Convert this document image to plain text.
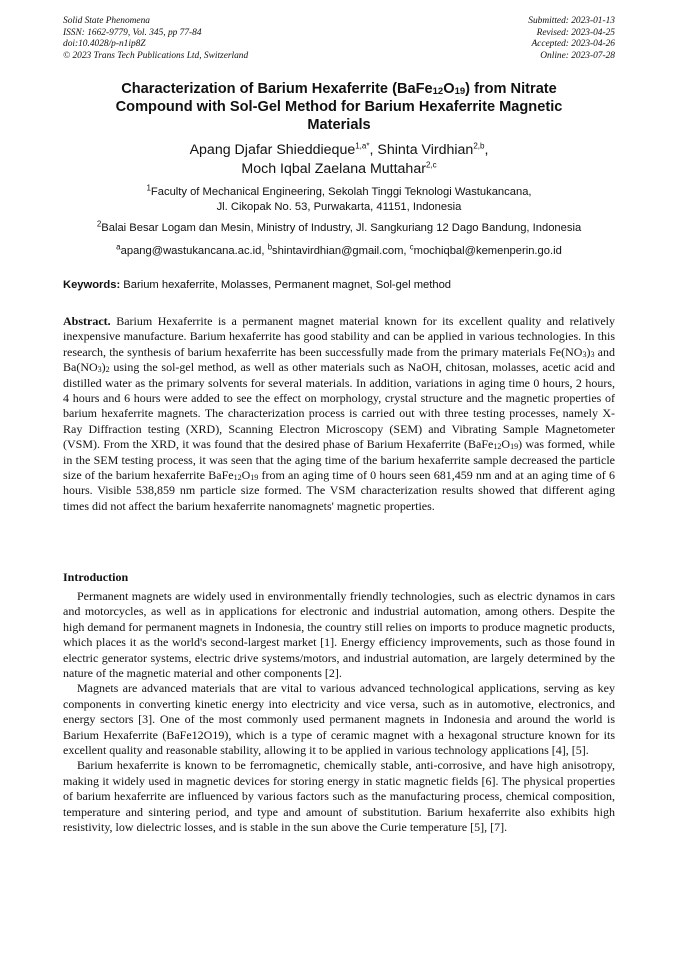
Solid State Phenomena
ISSN: 1662-9779, Vol. 345, pp 77-84
doi:10.4028/p-n1ip8Z
© 2023 Trans Tech Publications Ltd, Switzerland
Submitted: 2023-01-13
Revised: 2023-04-25
Accepted: 2023-04-26
Online: 2023-07-28
Characterization of Barium Hexaferrite $(BaFe_{12}O_{19})$ from Nitrate
Compound with Sol-Gel Method for Barium Hexaferrite Magnetic
Materials
Apang Djafar Shieddieque$^{1,a*}$, Shinta Virdhian$^{2,b}$,
Moch Iqbal Zaelana Muttahar$^{2,c}$
$^1$Faculty of Mechanical Engineering, Sekolah Tinggi Teknologi Wastukancana,
Jl. Cikopak No. 53, Purwakarta, 41151, Indonesia
$^2$Balai Besar Logam dan Mesin, Ministry of Industry, Jl. Sangkuriang 12 Dago Bandung, Indonesia
$^a$apang@wastukancana.ac.id, $^b$shintavirdhian@gmail.com, $^c$mochiqbal@kemenperin.go.id
Keywords: Barium hexaferrite, Molasses, Permanent magnet, Sol-gel method

Abstract. Barium Hexaferrite is a permanent magnet material known for its excellent quality and relatively inexpensive manufacture. Barium hexaferrite has good stability and can be applied in various technologies. In this research, the synthesis of barium hexaferrite has been successfully made from the primary materials $Fe(NO_3)_3$ and $Ba(NO_3)_2$ using the sol-gel method, as well as other materials such as NaOH, chitosan, molasses, acetic acid and distilled water as the primary solvents for several materials. In addition, variations in aging time 0 hours, 2 hours, 4 hours and 6 hours were added to see the effect on morphology, crystal structure and the magnetic properties of barium hexaferrite magnets. The characterization process is carried out with three testing processes, namely X-Ray Diffraction testing (XRD), Scanning Electron Microscopy (SEM) and Vibrating Sample Magnetometer (VSM). From the XRD, it was found that the desired phase of Barium Hexaferrite $(BaFe_{12}O_{19})$ was formed, while in the SEM testing process, it was seen that the aging time of the barium hexaferrite sample decreased the particle size of the barium hexaferrite $BaFe_{12}O_{19}$ from an aging time of 0 hours seen 681,459 nm and at an aging time of 6 hours. Visible 538,859 nm particle size formed. The VSM characterization results showed that different aging times did not affect the barium hexaferrite nanomagnets' magnetic properties.

Introduction

Permanent magnets are widely used in environmentally friendly technologies, such as electric dynamos in cars and motorcycles, as well as in applications for electronic and industrial automation, among others. Despite the high demand for permanent magnets in Indonesia, the country still relies on imports to produce magnetic products, which places it as the world's second-largest market [1]. Energy efficiency improvements, such as those found in electric generator systems, electric drive systems/motors, and industrial automation, are largely determined by the nature of the magnetic material and other components [2].

Magnets are advanced materials that are vital to various advanced technological applications, serving as key components in converting kinetic energy into electricity and vice versa, such as in automotive, electronics, and energy sectors [3]. One of the most commonly used permanent magnets in Indonesia and around the world is Barium Hexaferrite (BaFe12O19), which is a type of ceramic magnet with a hexagonal structure known for its excellent quality and reasonable stability, allowing it to be applied in various technology applications [4], [5].

Barium hexaferrite is known to be ferromagnetic, chemically stable, anti-corrosive, and have high anisotropy, making it widely used in magnetic devices for storing energy in static magnetic fields [6]. The physical properties of barium hexaferrite are influenced by various factors such as the manufacturing process, chemical composition, temperature and sintering period, and type and amount of substitution. Barium hexaferrite also exhibits high resistivity, low dielectric losses, and is stable in the sun above the Curie temperature [5], [7].
